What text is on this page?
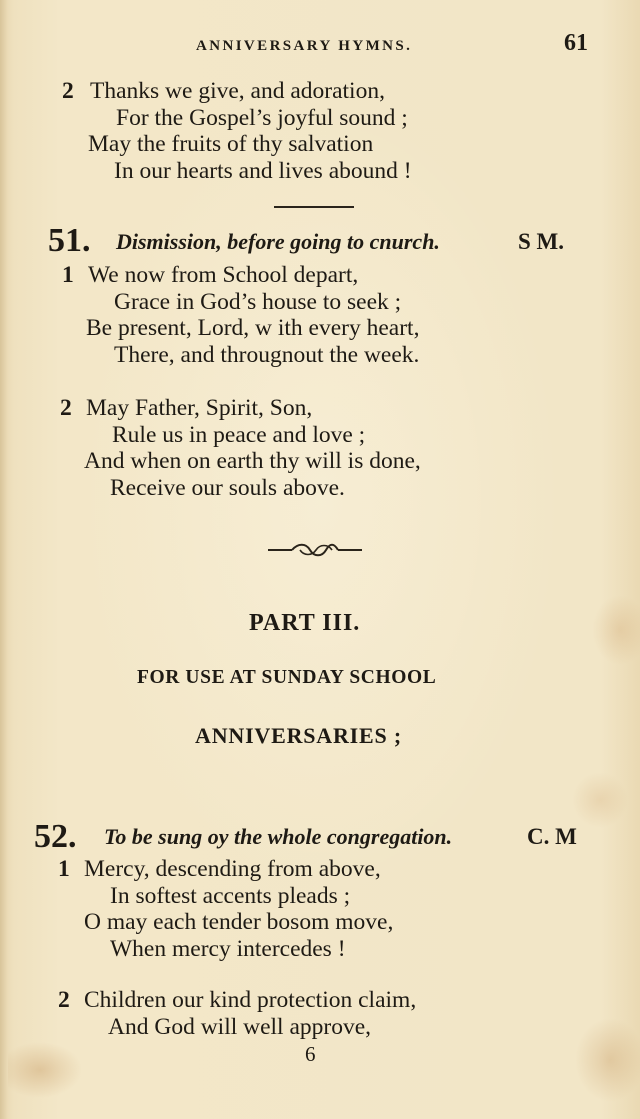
ANNIVERSARY HYMNS.	61
2 Thanks we give, and adoration,
For the Gospel’s joyful sound ;
May the fruits of thy salvation
In our hearts and lives abound !
51. Dismission, before going to cnurch.	S M.
1 We now from School depart,
Grace in God’s house to seek ;
Be present, Lord, w ith every heart,
There, and througnout the week.
2 May Father, Spirit, Son,
Rule us in peace and love ;
And when on earth thy will is done,
Receive our souls above.
PART III.
FOR USE AT SUNDAY SCHOOL
ANNIVERSARIES ;
52. To be sung oy the whole congregation.	C. M
1 Mercy, descending from above,
In softest accents pleads ;
O may each tender bosom move,
When mercy intercedes !
2 Children our kind protection claim,
And God will well approve,
6
